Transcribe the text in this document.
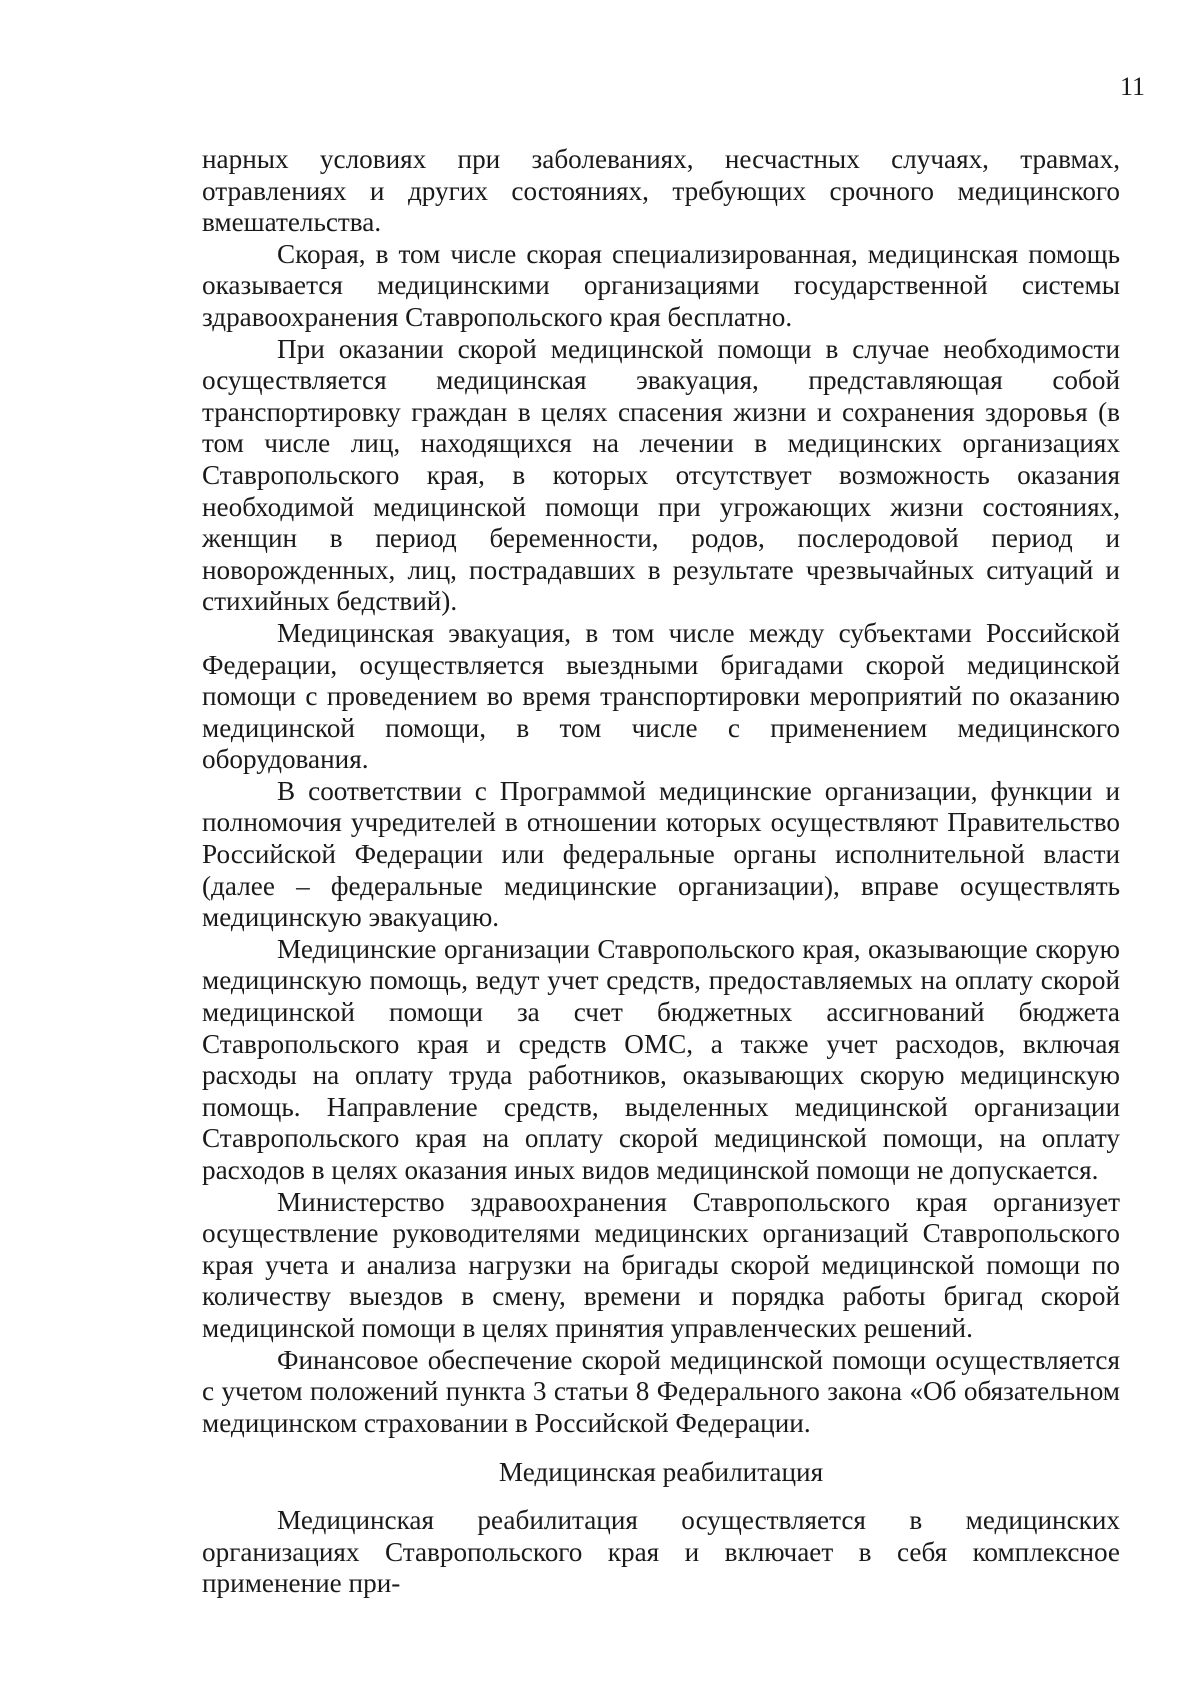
11

нарных условиях при заболеваниях, несчастных случаях, травмах, отравлениях и других состояниях, требующих срочного медицинского вмешательства.

Скорая, в том числе скорая специализированная, медицинская помощь оказывается медицинскими организациями государственной системы здравоохранения Ставропольского края бесплатно.

При оказании скорой медицинской помощи в случае необходимости осуществляется медицинская эвакуация, представляющая собой транспортировку граждан в целях спасения жизни и сохранения здоровья (в том числе лиц, находящихся на лечении в медицинских организациях Ставропольского края, в которых отсутствует возможность оказания необходимой медицинской помощи при угрожающих жизни состояниях, женщин в период беременности, родов, послеродовой период и новорожденных, лиц, пострадавших в результате чрезвычайных ситуаций и стихийных бедствий).

Медицинская эвакуация, в том числе между субъектами Российской Федерации, осуществляется выездными бригадами скорой медицинской помощи с проведением во время транспортировки мероприятий по оказанию медицинской помощи, в том числе с применением медицинского оборудования.

В соответствии с Программой медицинские организации, функции и полномочия учредителей в отношении которых осуществляют Правительство Российской Федерации или федеральные органы исполнительной власти (далее – федеральные медицинские организации), вправе осуществлять медицинскую эвакуацию.

Медицинские организации Ставропольского края, оказывающие скорую медицинскую помощь, ведут учет средств, предоставляемых на оплату скорой медицинской помощи за счет бюджетных ассигнований бюджета Ставропольского края и средств ОМС, а также учет расходов, включая расходы на оплату труда работников, оказывающих скорую медицинскую помощь. Направление средств, выделенных медицинской организации Ставропольского края на оплату скорой медицинской помощи, на оплату расходов в целях оказания иных видов медицинской помощи не допускается.

Министерство здравоохранения Ставропольского края организует осуществление руководителями медицинских организаций Ставропольского края учета и анализа нагрузки на бригады скорой медицинской помощи по количеству выездов в смену, времени и порядка работы бригад скорой медицинской помощи в целях принятия управленческих решений.

Финансовое обеспечение скорой медицинской помощи осуществляется с учетом положений пункта 3 статьи 8 Федерального закона «Об обязательном медицинском страховании в Российской Федерации.

Медицинская реабилитация

Медицинская реабилитация осуществляется в медицинских организациях Ставропольского края и включает в себя комплексное применение при-
